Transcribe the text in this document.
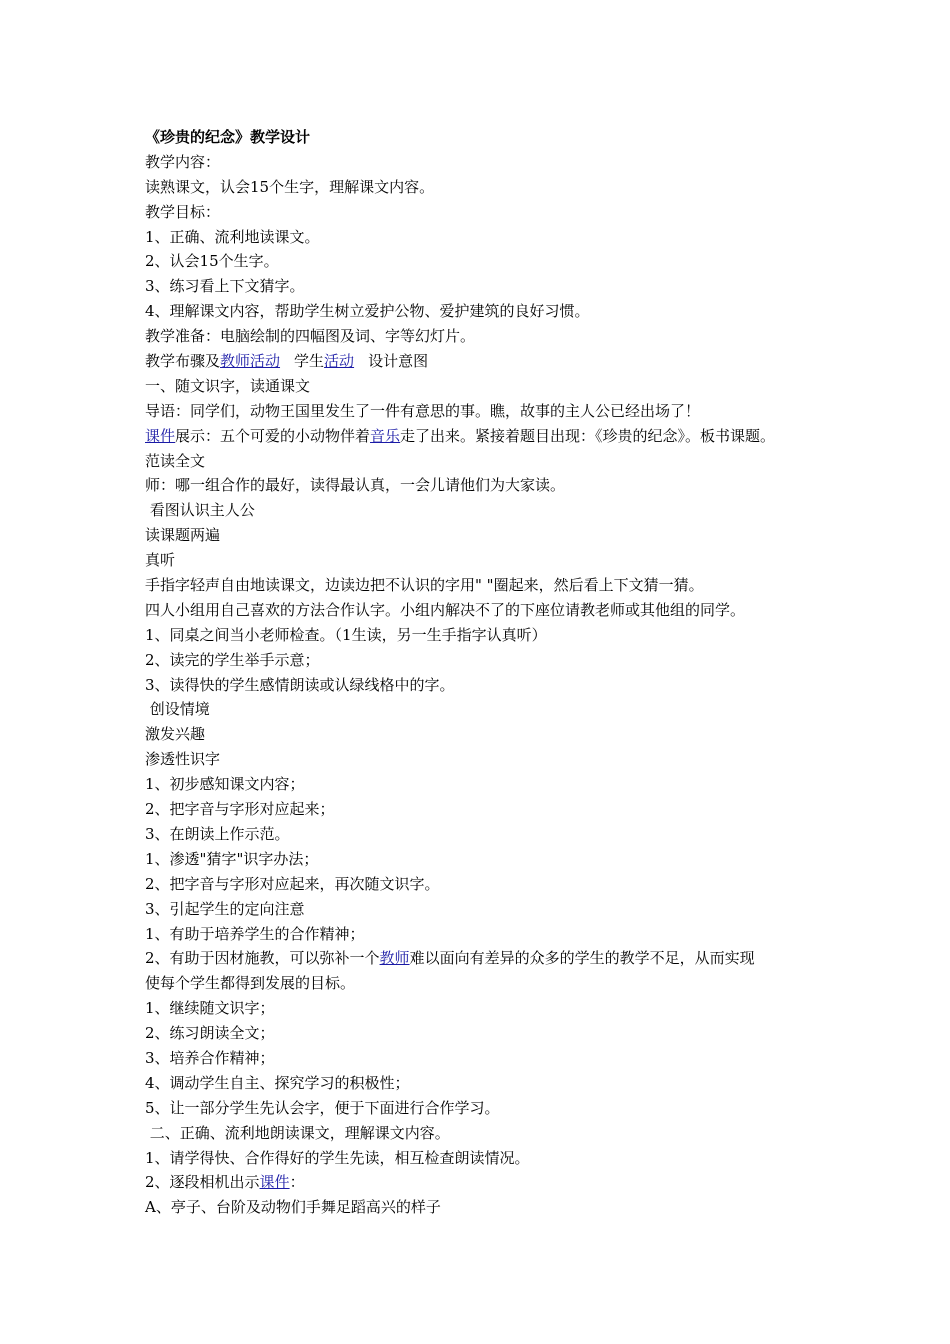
《珍贵的纪念》教学设计
教学内容：
读熟课文，认会15个生字，理解课文内容。
教学目标：
1、正确、流利地读课文。
2、认会15个生字。
3、练习看上下文猜字。
4、理解课文内容，帮助学生树立爱护公物、爱护建筑的良好习惯。
教学准备：电脑绘制的四幅图及词、字等幻灯片。
教学布骤及教师活动 学生活动 设计意图
一、随文识字，读通课文
导语：同学们，动物王国里发生了一件有意思的事。瞧，故事的主人公已经出场了！
课件展示：五个可爱的小动物伴着音乐走了出来。紧接着题目出现：《珍贵的纪念》。板书课题。
范读全文
师：哪一组合作的最好，读得最认真，一会儿请他们为大家读。
看图认识主人公
读课题两遍
真听
手指字轻声自由地读课文，边读边把不认识的字用" "圈起来，然后看上下文猜一猜。
四人小组用自己喜欢的方法合作认字。小组内解决不了的下座位请教老师或其他组的同学。
1、同桌之间当小老师检查。（1生读，另一生手指字认真听）
2、读完的学生举手示意；
3、读得快的学生感情朗读或认绿线格中的字。
创设情境
激发兴趣
渗透性识字
1、初步感知课文内容；
2、把字音与字形对应起来；
3、在朗读上作示范。
1、渗透"猜字"识字办法；
2、把字音与字形对应起来，再次随文识字。
3、引起学生的定向注意
1、有助于培养学生的合作精神；
2、有助于因材施教，可以弥补一个教师难以面向有差异的众多的学生的教学不足，从而实现
使每个学生都得到发展的目标。
1、继续随文识字；
2、练习朗读全文；
3、培养合作精神；
4、调动学生自主、探究学习的积极性；
5、让一部分学生先认会字，便于下面进行合作学习。
二、正确、流利地朗读课文，理解课文内容。
1、请学得快、合作得好的学生先读，相互检查朗读情况。
2、逐段相机出示课件：
A、亭子、台阶及动物们手舞足蹈高兴的样子
